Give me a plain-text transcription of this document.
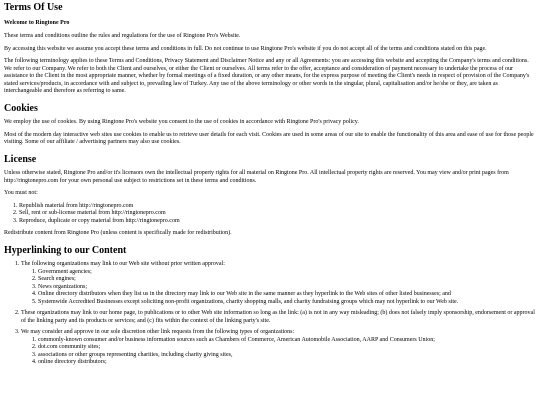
Terms Of Use

Welcome to Ringtone Pro

These terms and conditions outline the rules and regulations for the use of Ringtone Pro's Website.

By accessing this website we assume you accept these terms and conditions in full. Do not continue to use Ringtone Pro's website if you do not accept all of the terms and conditions stated on this page.

The following terminology applies to these Terms and Conditions, Privacy Statement and Disclaimer Notice and any or all Agreements: you are accessing this website and accepting the Company's terms and conditions. We refer to our Company. We refer to both the Client and ourselves, or either the Client or ourselves. All terms refer to the offer, acceptance and consideration of payment necessary to undertake the process of our assistance to the Client in the most appropriate manner, whether by formal meetings of a fixed duration, or any other means, for the express purpose of meeting the Client's needs in respect of provision of the Company's stated services/products, in accordance with and subject to, prevailing law of Turkey. Any use of the above terminology or other words in the singular, plural, capitalisation and/or he/she or they, are taken as interchangeable and therefore as referring to same.

Cookies

We employ the use of cookies. By using Ringtone Pro's website you consent to the use of cookies in accordance with Ringtone Pro's privacy policy.

Most of the modern day interactive web sites use cookies to enable us to retrieve user details for each visit. Cookies are used in some areas of our site to enable the functionality of this area and ease of use for those people visiting. Some of our affiliate / advertising partners may also use cookies.

License

Unless otherwise stated, Ringtone Pro and/or it's licensors own the intellectual property rights for all material on Ringtone Pro. All intellectual property rights are reserved. You may view and/or print pages from http://ringtonepro.com for your own personal use subject to restrictions set in these terms and conditions.

You must not:

1. Republish material from http://ringtonepro.com
2. Sell, rent or sub-license material from http://ringtonepro.com
3. Reproduce, duplicate or copy material from http://ringtonepro.com

Redistribute content from Ringtone Pro (unless content is specifically made for redistribution).

Hyperlinking to our Content
1. The following organizations may link to our Web site without prior written approval:
1. Government agencies;
2. Search engines;
3. News organizations;
4. Online directory distributors when they list us in the directory may link to our Web site in the same manner as they hyperlink to the Web sites of other listed businesses; and
5. Systemwide Accredited Businesses except soliciting non-profit organizations, charity shopping malls, and charity fundraising groups which may not hyperlink to our Web site.
2. These organizations may link to our home page, to publications or to other Web site information so long as the link: (a) is not in any way misleading; (b) does not falsely imply sponsorship, endorsement or approval of the linking party and its products or services; and (c) fits within the context of the linking party's site.
3. We may consider and approve in our sole discretion other link requests from the following types of organizations:
1. commonly-known consumer and/or business information sources such as Chambers of Commerce, American Automobile Association, AARP and Consumers Union;
2. dot.com community sites;
3. associations or other groups representing charities, including charity giving sites,
4. online directory distributors;
